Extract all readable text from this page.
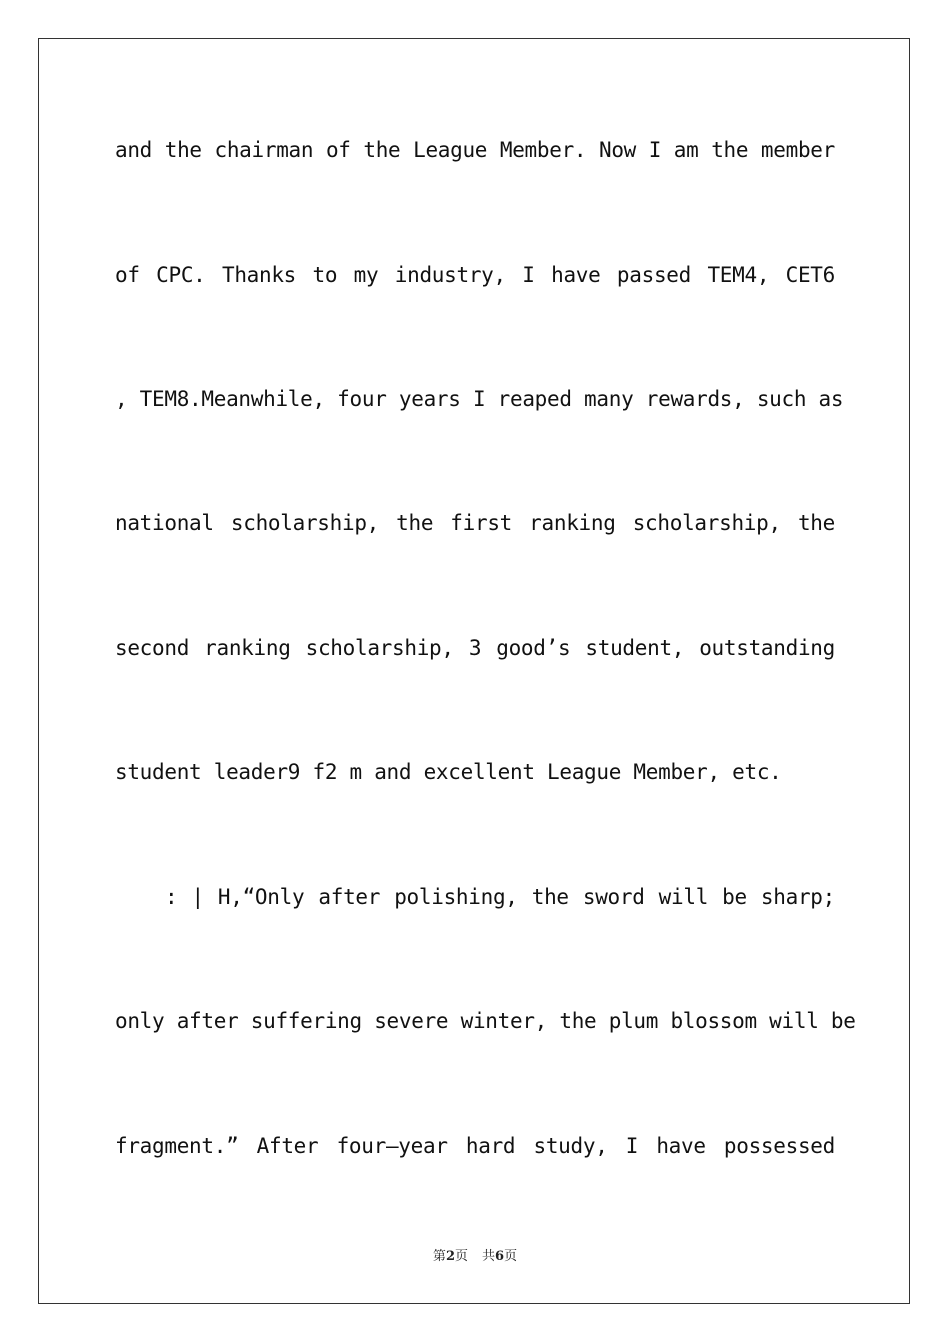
and the chairman of the League Member. Now I am the member
of CPC. Thanks to my industry, I have passed TEM4, CET6
, TEM8.Meanwhile, four years I reaped many rewards, such as
national scholarship, the first ranking scholarship, the
second ranking scholarship, 3 good’s student, outstanding
student leader9 f2 m and excellent League Member, etc.
: | H,“Only after polishing, the sword will be sharp;
only after suffering severe winter, the plum blossom will be
fragment.” After four—year hard study, I have possessed
第2页 共6页
